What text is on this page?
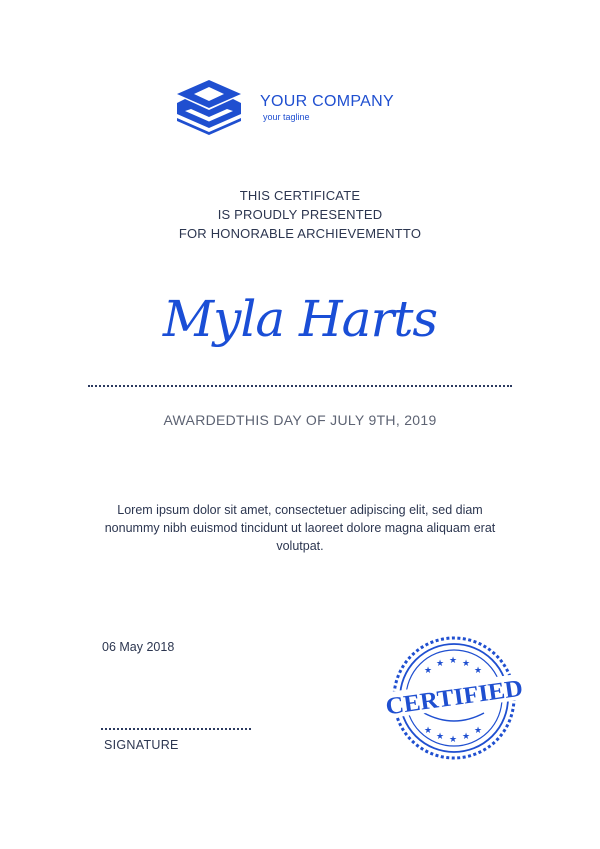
YOUR COMPANY
your tagline
THIS CERTIFICATE
IS PROUDLY PRESENTED
FOR HONORABLE ARCHIEVEMENTTO
Myla Harts
AWARDEDTHIS DAY OF JULY 9TH, 2019
Lorem ipsum dolor sit amet, consectetuer adipiscing elit, sed diam nonummy nibh euismod tincidunt ut laoreet dolore magna aliquam erat volutpat.
06 May 2018
SIGNATURE
★
★ ★ ★
★
★
★ ★ ★
★
CERTIFIED
